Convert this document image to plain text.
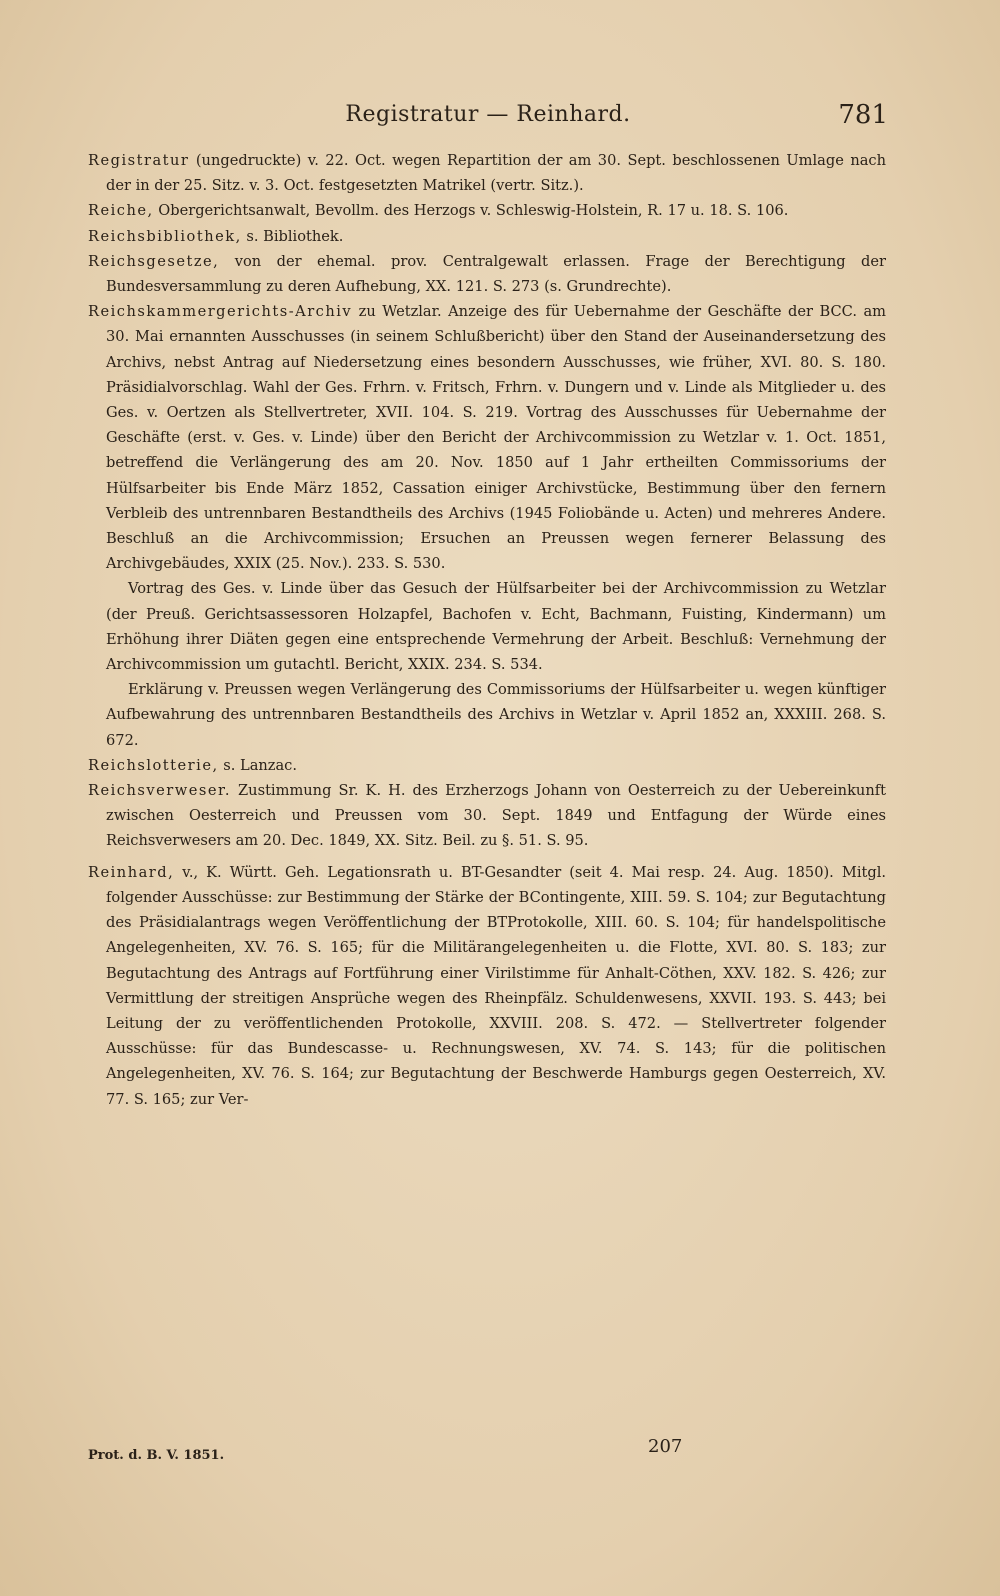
Registratur — Reinhard.	781

Registratur (ungedruckte) v. 22. Oct. wegen Repartition der am 30. Sept. beschlossenen Umlage nach der in der 25. Sitz. v. 3. Oct. festgesetzten Matrikel (vertr. Sitz.).

Reiche, Obergerichtsanwalt, Bevollm. des Herzogs v. Schleswig-Holstein, R. 17 u. 18. S. 106.

Reichsbibliothek, s. Bibliothek.

Reichsgesetze, von der ehemal. prov. Centralgewalt erlassen. Frage der Berechtigung der Bundesversammlung zu deren Aufhebung, XX. 121. S. 273 (s. Grundrechte).

Reichskammergerichts-Archiv zu Wetzlar. Anzeige des für Uebernahme der Geschäfte der BCC. am 30. Mai ernannten Ausschusses (in seinem Schlußbericht) über den Stand der Auseinandersetzung des Archivs, nebst Antrag auf Niedersetzung eines besondern Ausschusses, wie früher, XVI. 80. S. 180. Präsidialvorschlag. Wahl der Ges. Frhrn. v. Fritsch, Frhrn. v. Dungern und v. Linde als Mitglieder u. des Ges. v. Oertzen als Stellvertreter, XVII. 104. S. 219. Vortrag des Ausschusses für Uebernahme der Geschäfte (erst. v. Ges. v. Linde) über den Bericht der Archivcommission zu Wetzlar v. 1. Oct. 1851, betreffend die Verlängerung des am 20. Nov. 1850 auf 1 Jahr ertheilten Commissoriums der Hülfsarbeiter bis Ende März 1852, Cassation einiger Archivstücke, Bestimmung über den fernern Verbleib des untrennbaren Bestandtheils des Archivs (1945 Foliobände u. Acten) und mehreres Andere. Beschluß an die Archivcommission; Ersuchen an Preussen wegen fernerer Belassung des Archivgebäudes, XXIX (25. Nov.). 233. S. 530.

Vortrag des Ges. v. Linde über das Gesuch der Hülfsarbeiter bei der Archivcommission zu Wetzlar (der Preuß. Gerichtsassessoren Holzapfel, Bachofen v. Echt, Bachmann, Fuisting, Kindermann) um Erhöhung ihrer Diäten gegen eine entsprechende Vermehrung der Arbeit. Beschluß: Vernehmung der Archivcommission um gutachtl. Bericht, XXIX. 234. S. 534.

Erklärung v. Preussen wegen Verlängerung des Commissoriums der Hülfsarbeiter u. wegen künftiger Aufbewahrung des untrennbaren Bestandtheils des Archivs in Wetzlar v. April 1852 an, XXXIII. 268. S. 672.

Reichslotterie, s. Lanzac.

Reichsverweser. Zustimmung Sr. K. H. des Erzherzogs Johann von Oesterreich zu der Uebereinkunft zwischen Oesterreich und Preussen vom 30. Sept. 1849 und Entfagung der Würde eines Reichsverwesers am 20. Dec. 1849, XX. Sitz. Beil. zu §. 51. S. 95.

Reinhard, v., K. Württ. Geh. Legationsrath u. BT-Gesandter (seit 4. Mai resp. 24. Aug. 1850). Mitgl. folgender Ausschüsse: zur Bestimmung der Stärke der BContingente, XIII. 59. S. 104; zur Begutachtung des Präsidialantrags wegen Veröffentlichung der BTProtokolle, XIII. 60. S. 104; für handelspolitische Angelegenheiten, XV. 76. S. 165; für die Militärangelegenheiten u. die Flotte, XVI. 80. S. 183; zur Begutachtung des Antrags auf Fortführung einer Virilstimme für Anhalt-Cöthen, XXV. 182. S. 426; zur Vermittlung der streitigen Ansprüche wegen des Rheinpfälz. Schuldenwesens, XXVII. 193. S. 443; bei Leitung der zu veröffentlichenden Protokolle, XXVIII. 208. S. 472. — Stellvertreter folgender Ausschüsse: für das Bundescasse- u. Rechnungswesen, XV. 74. S. 143; für die politischen Angelegenheiten, XV. 76. S. 164; zur Begutachtung der Beschwerde Hamburgs gegen Oesterreich, XV. 77. S. 165; zur Ver-

Prot. d. B. V. 1851.	207
